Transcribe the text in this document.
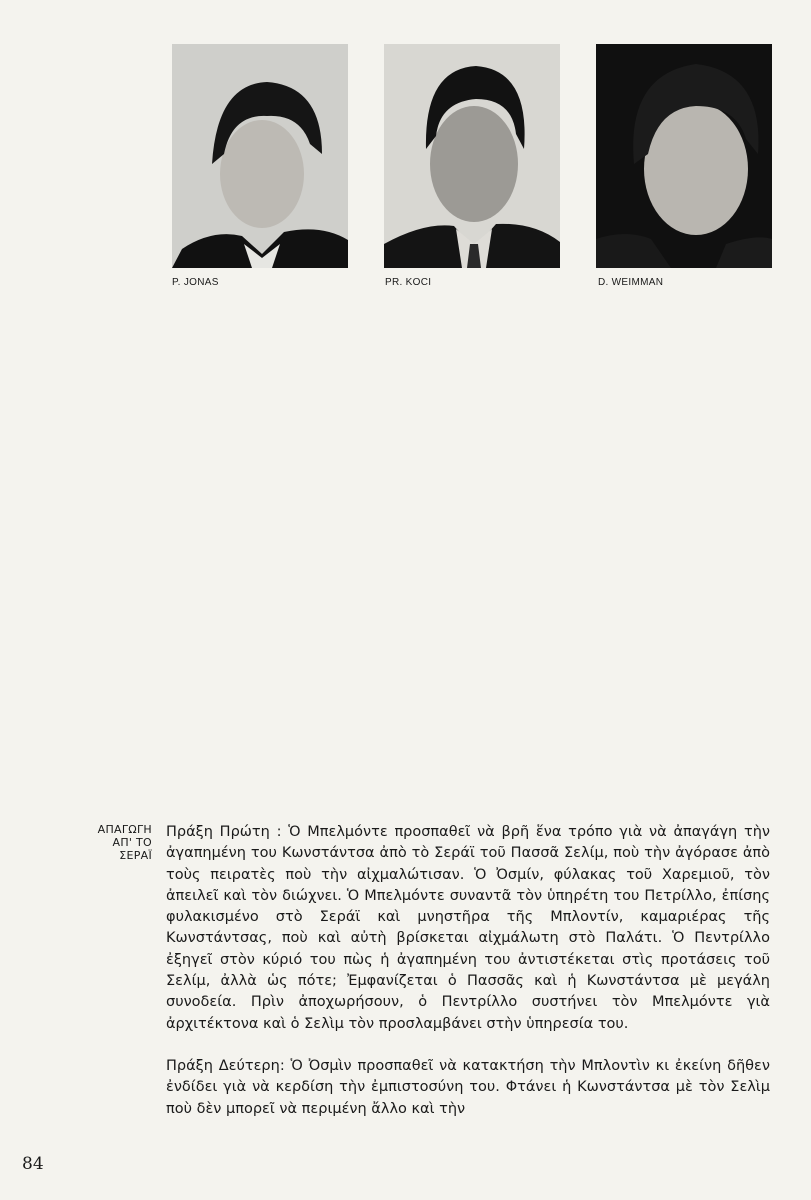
P. JONAS	PR. KOCI	D. WEIMMAN
ΑΠΑΓΩΓΗ
ΑΠ' ΤΟ
ΣΕΡΑΪ

Πράξη Πρώτη : Ὁ Μπελμόντε προσπαθεῖ νὰ βρῆ ἕνα τρόπο γιὰ νὰ ἀπαγάγη τὴν ἀγαπημένη του Κωνστάντσα ἀπὸ τὸ Σεράϊ τοῦ Πασσᾶ Σελίμ, ποὺ τὴν ἀγόρασε ἀπὸ τοὺς πειρατὲς ποὺ τὴν αἰχμαλώτισαν. Ὁ Ὀσμίν, φύλακας τοῦ Χαρεμιοῦ, τὸν ἀπειλεῖ καὶ τὸν διώχνει. Ὁ Μπελμόντε συναντᾶ τὸν ὑπηρέτη του Πετρίλλο, ἐπίσης φυλακισμένο στὸ Σεράϊ καὶ μνηστῆρα τῆς Μπλοντίν, καμαριέρας τῆς Κωνστάντσας, ποὺ καὶ αὐτὴ βρίσκεται αἰχμάλωτη στὸ Παλάτι. Ὁ Πεντρίλλο ἐξηγεῖ στὸν κύριό του πὼς ἡ ἀγαπημένη του ἀντιστέκεται στὶς προτάσεις τοῦ Σελίμ, ἀλλὰ ὡς πότε; Ἐμφανίζεται ὁ Πασσᾶς καὶ ἡ Κωνστάντσα μὲ μεγάλη συνοδεία. Πρὶν ἀποχωρήσουν, ὁ Πεντρίλλο συστήνει τὸν Μπελμόντε γιὰ ἀρχιτέκτονα καὶ ὁ Σελὶμ τὸν προσλαμβάνει στὴν ὑπηρεσία του.

Πράξη Δεύτερη: Ὁ Ὀσμὶν προσπαθεῖ νὰ κατακτήση τὴν Μπλοντὶν κι ἐκείνη δῆθεν ἐνδίδει γιὰ νὰ κερδίση τὴν ἐμπιστοσύνη του. Φτάνει ἡ Κωνστάντσα μὲ τὸν Σελὶμ ποὺ δὲν μπορεῖ νὰ περιμένη ἄλλο καὶ τὴν

84
